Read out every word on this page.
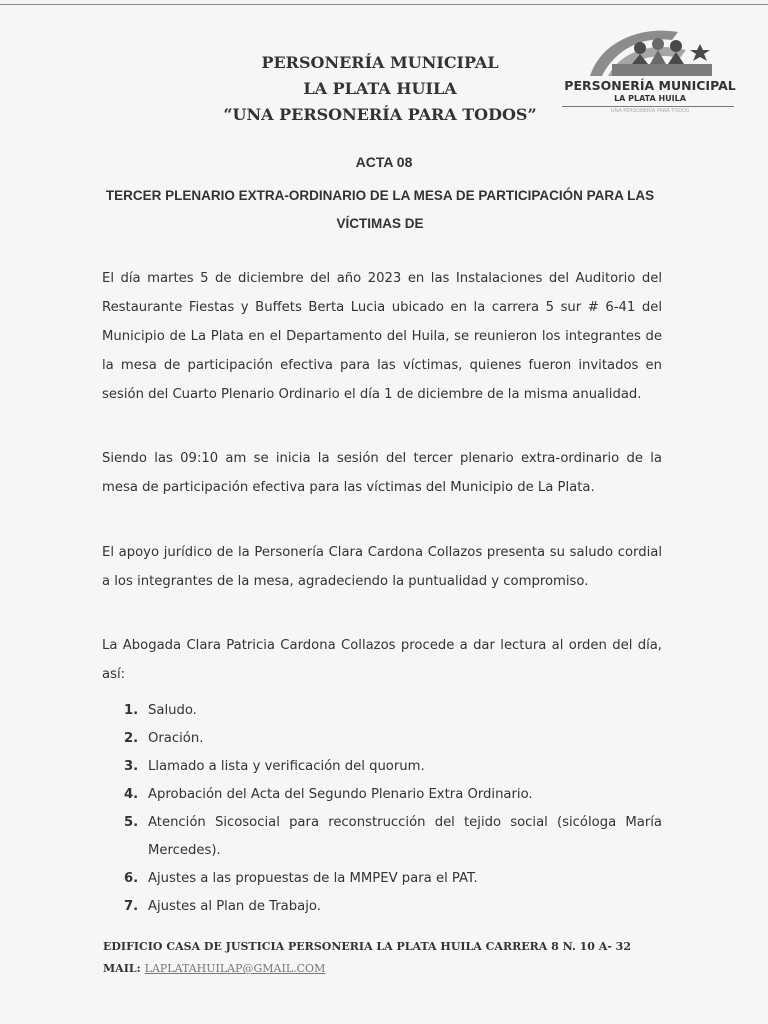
PERSONERÍA MUNICIPAL
LA PLATA HUILA
“UNA PERSONERÍA PARA TODOS”
PERSONERÍA MUNICIPAL
LA PLATA HUILA
UNA PERSONERÍA PARA TODOS
ACTA 08
TERCER PLENARIO EXTRA-ORDINARIO DE LA MESA DE PARTICIPACIÓN PARA LAS VÍCTIMAS DE
El día martes 5 de diciembre del año 2023 en las Instalaciones del Auditorio del Restaurante Fiestas y Buffets Berta Lucia ubicado en la carrera 5 sur # 6-41 del Municipio de La Plata en el Departamento del Huila, se reunieron los integrantes de la mesa de participación efectiva para las víctimas, quienes fueron invitados en sesión del Cuarto Plenario Ordinario el día 1 de diciembre de la misma anualidad.
Siendo las 09:10 am se inicia la sesión del tercer plenario extra-ordinario de la mesa de participación efectiva para las víctimas del Municipio de La Plata.
El apoyo jurídico de la Personería Clara Cardona Collazos presenta su saludo cordial a los integrantes de la mesa, agradeciendo la puntualidad y compromiso.
La Abogada Clara Patricia Cardona Collazos procede a dar lectura al orden del día, así:
1. Saludo.
2. Oración.
3. Llamado a lista y verificación del quorum.
4. Aprobación del Acta del Segundo Plenario Extra Ordinario.
5. Atención Sicosocial para reconstrucción del tejido social (sicóloga María Mercedes).
6. Ajustes a las propuestas de la MMPEV para el PAT.
7. Ajustes al Plan de Trabajo.
EDIFICIO CASA DE JUSTICIA PERSONERIA LA PLATA HUILA CARRERA 8 N. 10 A- 32
MAIL: LAPLATAHUILAP@GMAIL.COM
